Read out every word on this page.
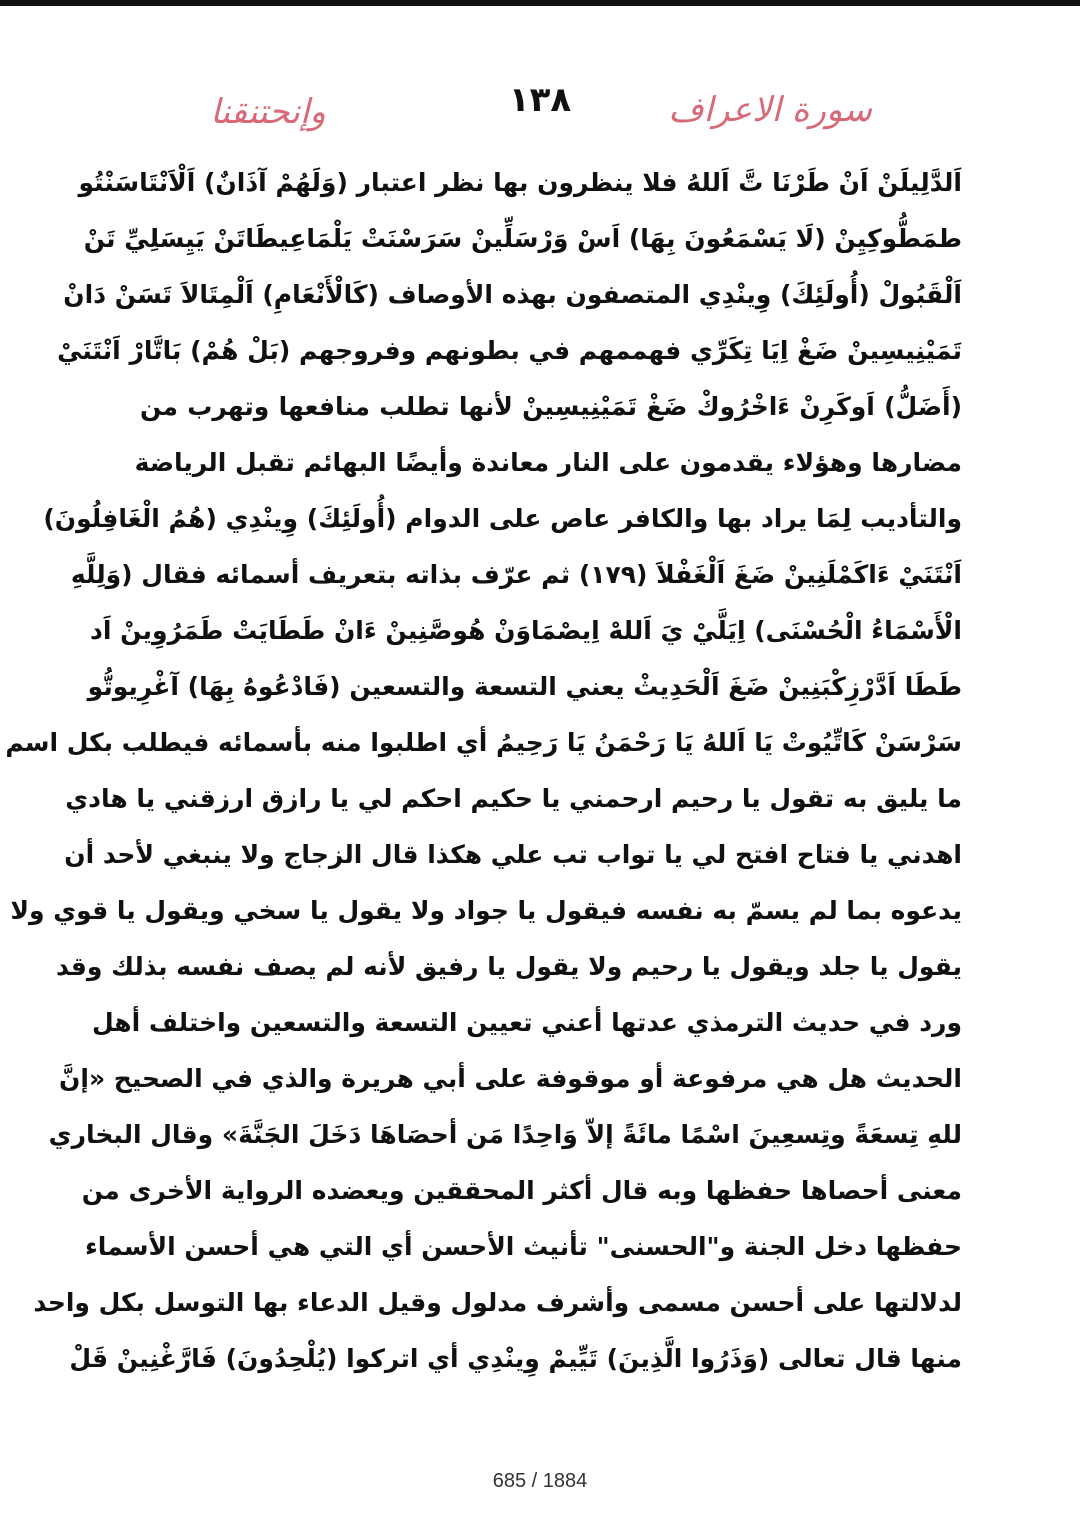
وإنحتنقنا	١٣٨	سورة الاعراف
اَلدَّلِيلَنْ اَنْ طَرْنَا تَّ اَللهُ فلا ينظرون بها نظر اعتبار (وَلَهُمْ آذَانٌ) اَلْاَنْتَاسَنْتُو
طمَطُّوكِيِنْ (لَا يَسْمَعُونَ بِهَا) اَسْ وَرْسَلِّينْ سَرَسْنَتْ يَلْمَاعِيطَاتَنْ يَيِسَلِيِّ تَنْ
اَلْقَبُولْ (أُولَئِكَ) وِينْدِي المتصفون بهذه الأوصاف (كَالْأَنْعَامِ) اَلْمِتَالاَ تَسَنْ دَانْ
تَمَيْنِيسِينْ ضَغْ اِيَا تِكَرِّي فهممهم في بطونهم وفروجهم (بَلْ هُمْ) بَاتَّارْ اَنْتَنَيْ
(أَضَلُّ) اَوكَرِنْ ءَاخْرُوكْ ضَغْ تَمَيْنِيسِينْ لأنها تطلب منافعها وتهرب من
مضارها وهؤلاء يقدمون على النار معاندة وأيضًا البهائم تقبل الرياضة
والتأديب لِمَا يراد بها والكافر عاص على الدوام (أُولَئِكَ) وِينْدِي (هُمُ الْغَافِلُونَ)
اَنْتَنَيْ ءَاكَمْلَنِينْ ضَغَ اَلْغَفْلاَ (١٧٩) ثم عرّف بذاته بتعريف أسمائه فقال (وَلِلَّهِ
الْأَسْمَاءُ الْحُسْنَى) اِيَلَّيْ يَ اَللهْ اِيصْمَاوَنْ هُوصَّنِينْ ءَانْ طَطَايَتْ طَمَرُوِينْ اَد
طَطَا اَدَّرْزِكْبَنِينْ ضَغَ اَلْحَدِيثْ يعني التسعة والتسعين (فَادْعُوهُ بِهَا) آغْرِيوتُّو
سَرْسَنْ كَاتِّيُوتْ يَا اَللهُ يَا رَحْمَنُ يَا رَحِيمُ أي اطلبوا منه بأسمائه فيطلب بكل اسم
ما يليق به تقول يا رحيم ارحمني يا حكيم احكم لي يا رازق ارزقني يا هادي
اهدني يا فتاح افتح لي يا تواب تب علي هكذا قال الزجاج ولا ينبغي لأحد أن
يدعوه بما لم يسمّ به نفسه فيقول يا جواد ولا يقول يا سخي ويقول يا قوي ولا
يقول يا جلد ويقول يا رحيم ولا يقول يا رفيق لأنه لم يصف نفسه بذلك وقد
ورد في حديث الترمذي عدتها أعني تعيين التسعة والتسعين واختلف أهل
الحديث هل هي مرفوعة أو موقوفة على أبي هريرة والذي في الصحيح «إنَّ
للهِ تِسعَةً وتِسعِينَ اسْمًا مائَةً إلاّ وَاحِدًا مَن أحصَاهَا دَخَلَ الجَنَّةَ» وقال البخاري
معنى أحصاها حفظها وبه قال أكثر المحققين ويعضده الرواية الأخرى من
حفظها دخل الجنة و"الحسنى" تأنيث الأحسن أي التي هي أحسن الأسماء
لدلالتها على أحسن مسمى وأشرف مدلول وقيل الدعاء بها التوسل بكل واحد
منها قال تعالى (وَذَرُوا الَّذِينَ) تَيِّيمْ وِينْدِي أي اتركوا (يُلْحِدُونَ) فَارَّغْنِينْ قَلْ
685 / 1884
